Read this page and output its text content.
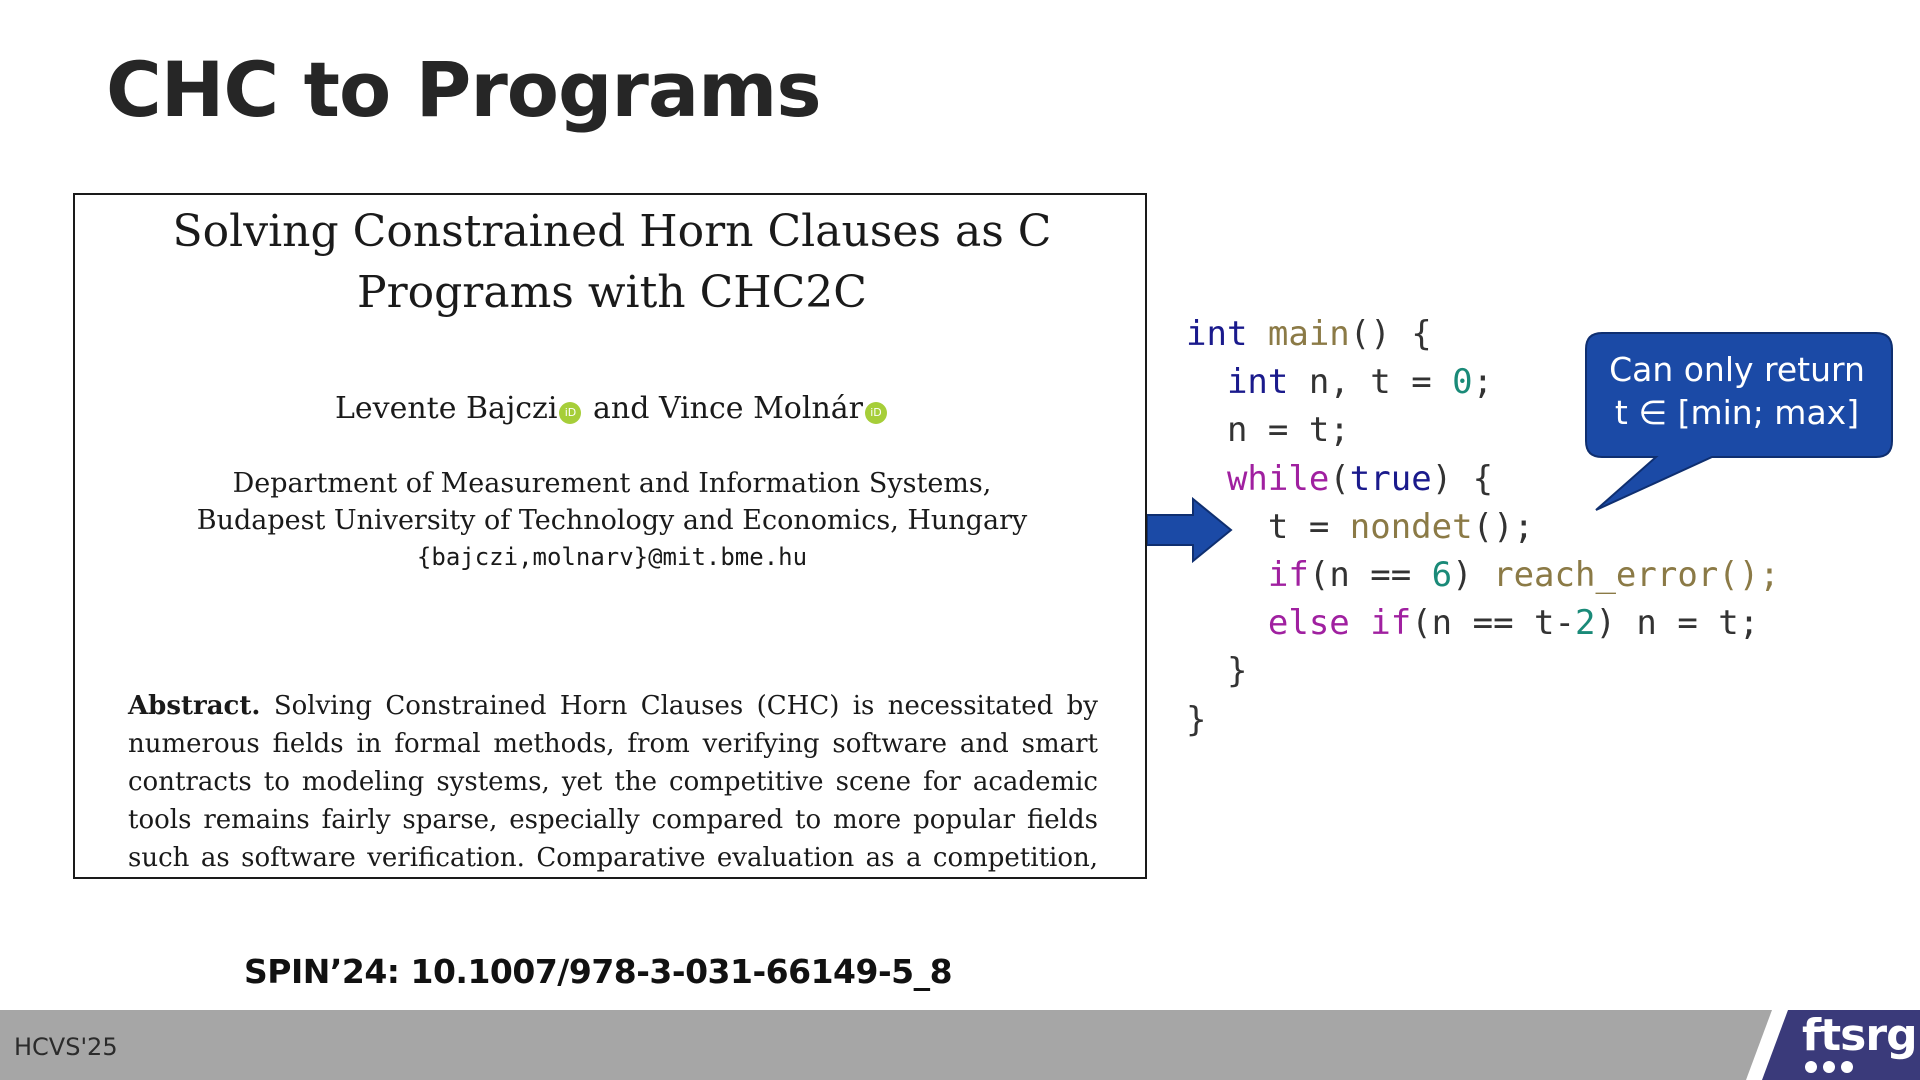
CHC to Programs
Solving Constrained Horn Clauses as C
Programs with CHC2C
Levente Bajczi iD and Vince Molnár iD
Department of Measurement and Information Systems,
Budapest University of Technology and Economics, Hungary
{bajczi,molnarv}@mit.bme.hu
Abstract. Solving Constrained Horn Clauses (CHC) is necessitated by
numerous fields in formal methods, from verifying software and smart
contracts to modeling systems, yet the competitive scene for academic
tools remains fairly sparse, especially compared to more popular fields
such as software verification. Comparative evaluation as a competition,
SPIN’24: 10.1007/978-3-031-66149-5_8
int main() {
int n, t = 0;
n = t;
while(true) {
t = nondet();
if(n == 6) reach_error();
else if(n == t-2) n = t;
}
}
Can only return
t ∈ [min; max]
HCVS'25	ftsrg
